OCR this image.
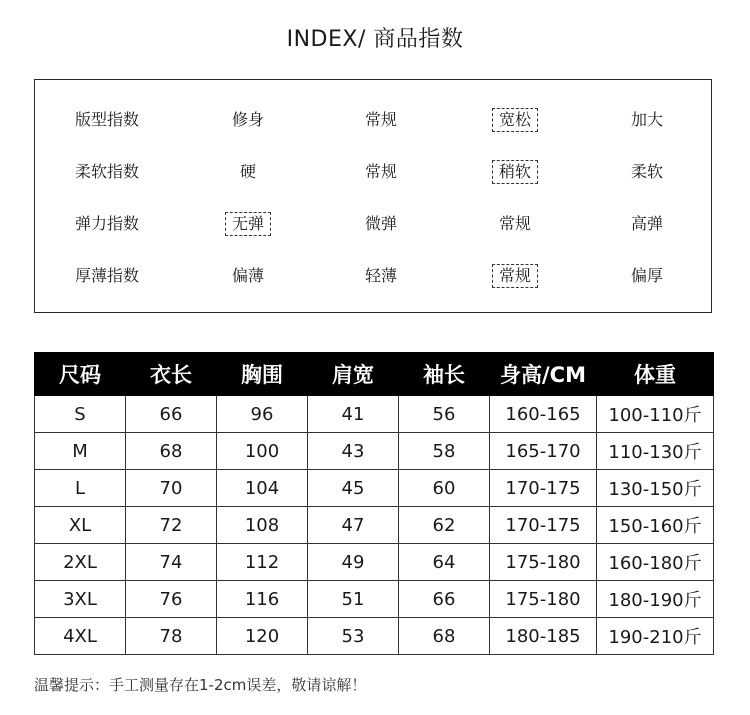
INDEX/ 商品指数
版型指数	修身	常规	宽松	加大
柔软指数	硬	常规	稍软	柔软
弹力指数	无弹	微弹	常规	高弹
厚薄指数	偏薄	轻薄	常规	偏厚
尺码	衣长	胸围	肩宽	袖长	身高/CM	体重
S	66	96	41	56	160-165	100-110斤
M	68	100	43	58	165-170	110-130斤
L	70	104	45	60	170-175	130-150斤
XL	72	108	47	62	170-175	150-160斤
2XL	74	112	49	64	175-180	160-180斤
3XL	76	116	51	66	175-180	180-190斤
4XL	78	120	53	68	180-185	190-210斤
温馨提示：手工测量存在1-2cm误差，敬请谅解！
